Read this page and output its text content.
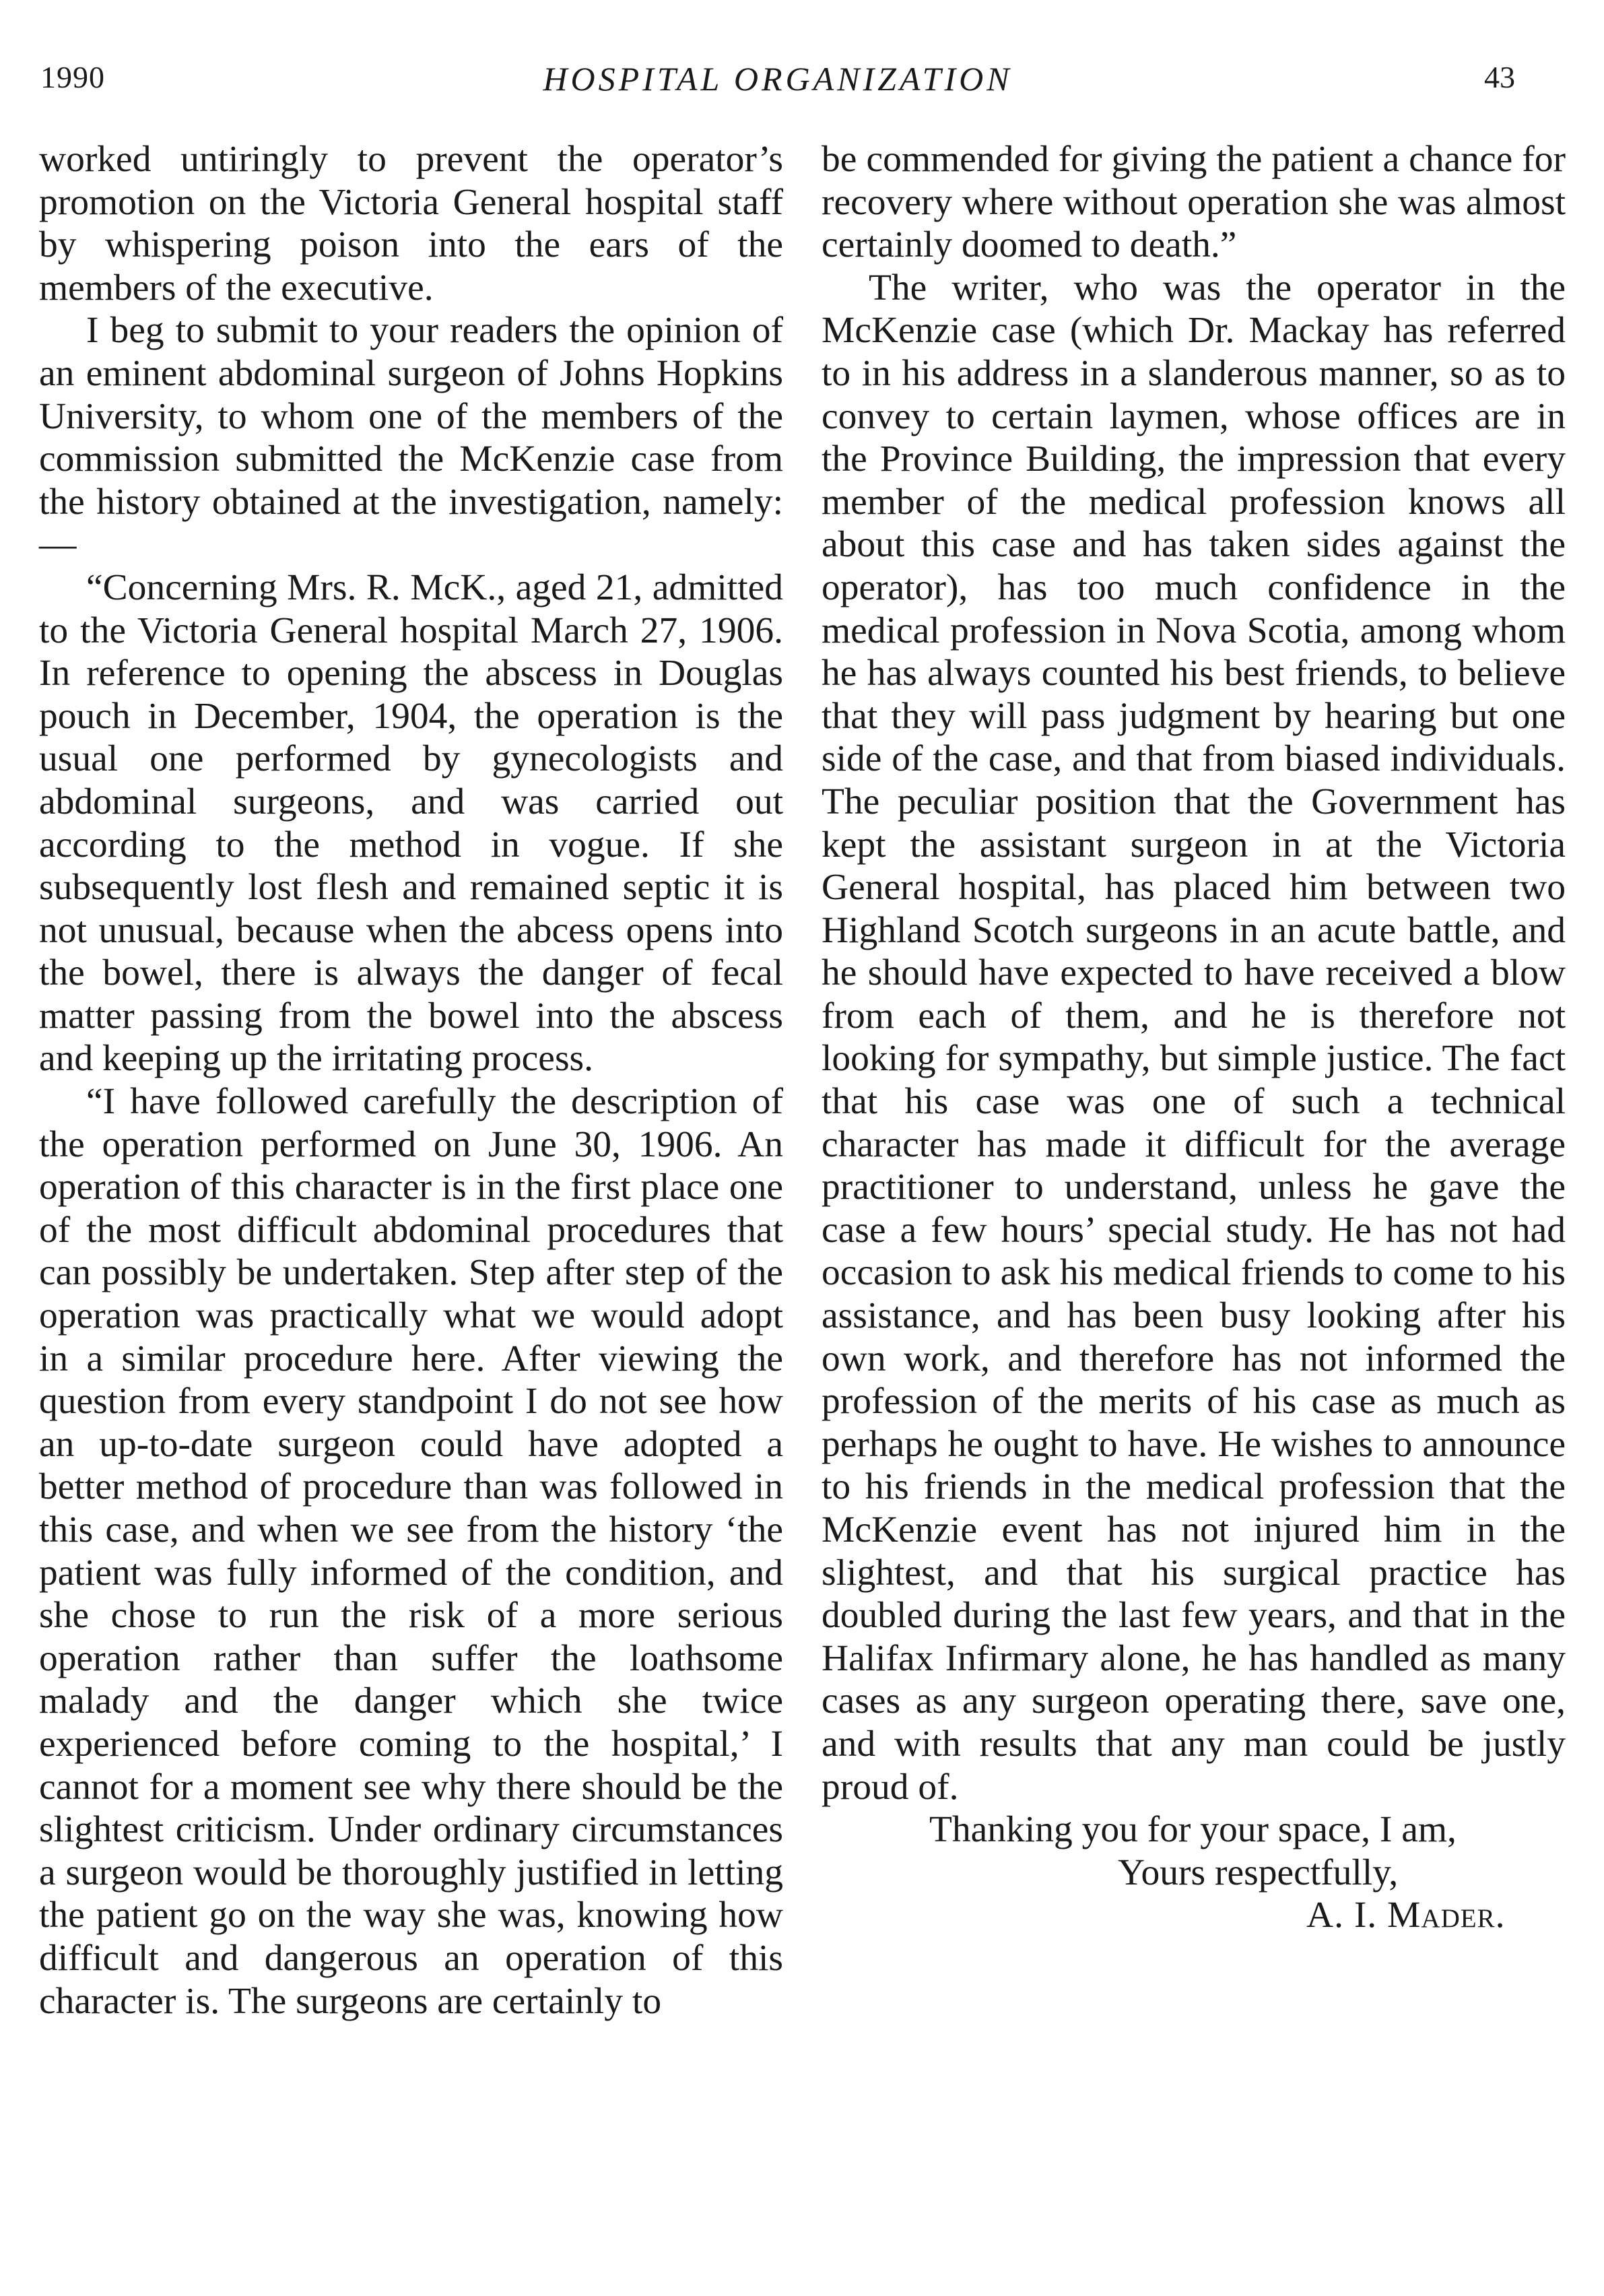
1990	HOSPITAL ORGANIZATION	43

worked untiringly to prevent the operator’s promotion on the Victoria General hospital staff by whispering poison into the ears of the members of the executive.

I beg to submit to your readers the opinion of an eminent abdominal surgeon of Johns Hopkins University, to whom one of the members of the commission submitted the McKenzie case from the history obtained at the investigation, namely:—

“Concerning Mrs. R. McK., aged 21, admitted to the Victoria General hospital March 27, 1906. In reference to opening the abscess in Douglas pouch in December, 1904, the operation is the usual one performed by gynecologists and abdominal surgeons, and was carried out according to the method in vogue. If she subsequently lost flesh and remained septic it is not unusual, because when the abcess opens into the bowel, there is always the danger of fecal matter passing from the bowel into the abscess and keeping up the irritating process.

“I have followed carefully the description of the operation performed on June 30, 1906. An operation of this character is in the first place one of the most difficult abdominal procedures that can possibly be undertaken. Step after step of the operation was practically what we would adopt in a similar procedure here. After viewing the question from every standpoint I do not see how an up-to-date surgeon could have adopted a better method of procedure than was followed in this case, and when we see from the history ‘the patient was fully informed of the condition, and she chose to run the risk of a more serious operation rather than suffer the loathsome malady and the danger which she twice experienced before coming to the hospital,’ I cannot for a moment see why there should be the slightest criticism. Under ordinary circumstances a surgeon would be thoroughly justified in letting the patient go on the way she was, knowing how difficult and dangerous an operation of this character is. The surgeons are certainly to

be commended for giving the patient a chance for recovery where without operation she was almost certainly doomed to death.”

The writer, who was the operator in the McKenzie case (which Dr. Mackay has referred to in his address in a slanderous manner, so as to convey to certain laymen, whose offices are in the Province Building, the impression that every member of the medical profession knows all about this case and has taken sides against the operator), has too much confidence in the medical profession in Nova Scotia, among whom he has always counted his best friends, to believe that they will pass judgment by hearing but one side of the case, and that from biased individuals. The peculiar position that the Government has kept the assistant surgeon in at the Victoria General hospital, has placed him between two Highland Scotch surgeons in an acute battle, and he should have expected to have received a blow from each of them, and he is therefore not looking for sympathy, but simple justice. The fact that his case was one of such a technical character has made it difficult for the average practitioner to understand, unless he gave the case a few hours’ special study. He has not had occasion to ask his medical friends to come to his assistance, and has been busy looking after his own work, and therefore has not informed the profession of the merits of his case as much as perhaps he ought to have. He wishes to announce to his friends in the medical profession that the McKenzie event has not injured him in the slightest, and that his surgical practice has doubled during the last few years, and that in the Halifax Infirmary alone, he has handled as many cases as any surgeon operating there, save one, and with results that any man could be justly proud of.

Thanking you for your space, I am,

Yours respectfully,

A. I. Mader.
